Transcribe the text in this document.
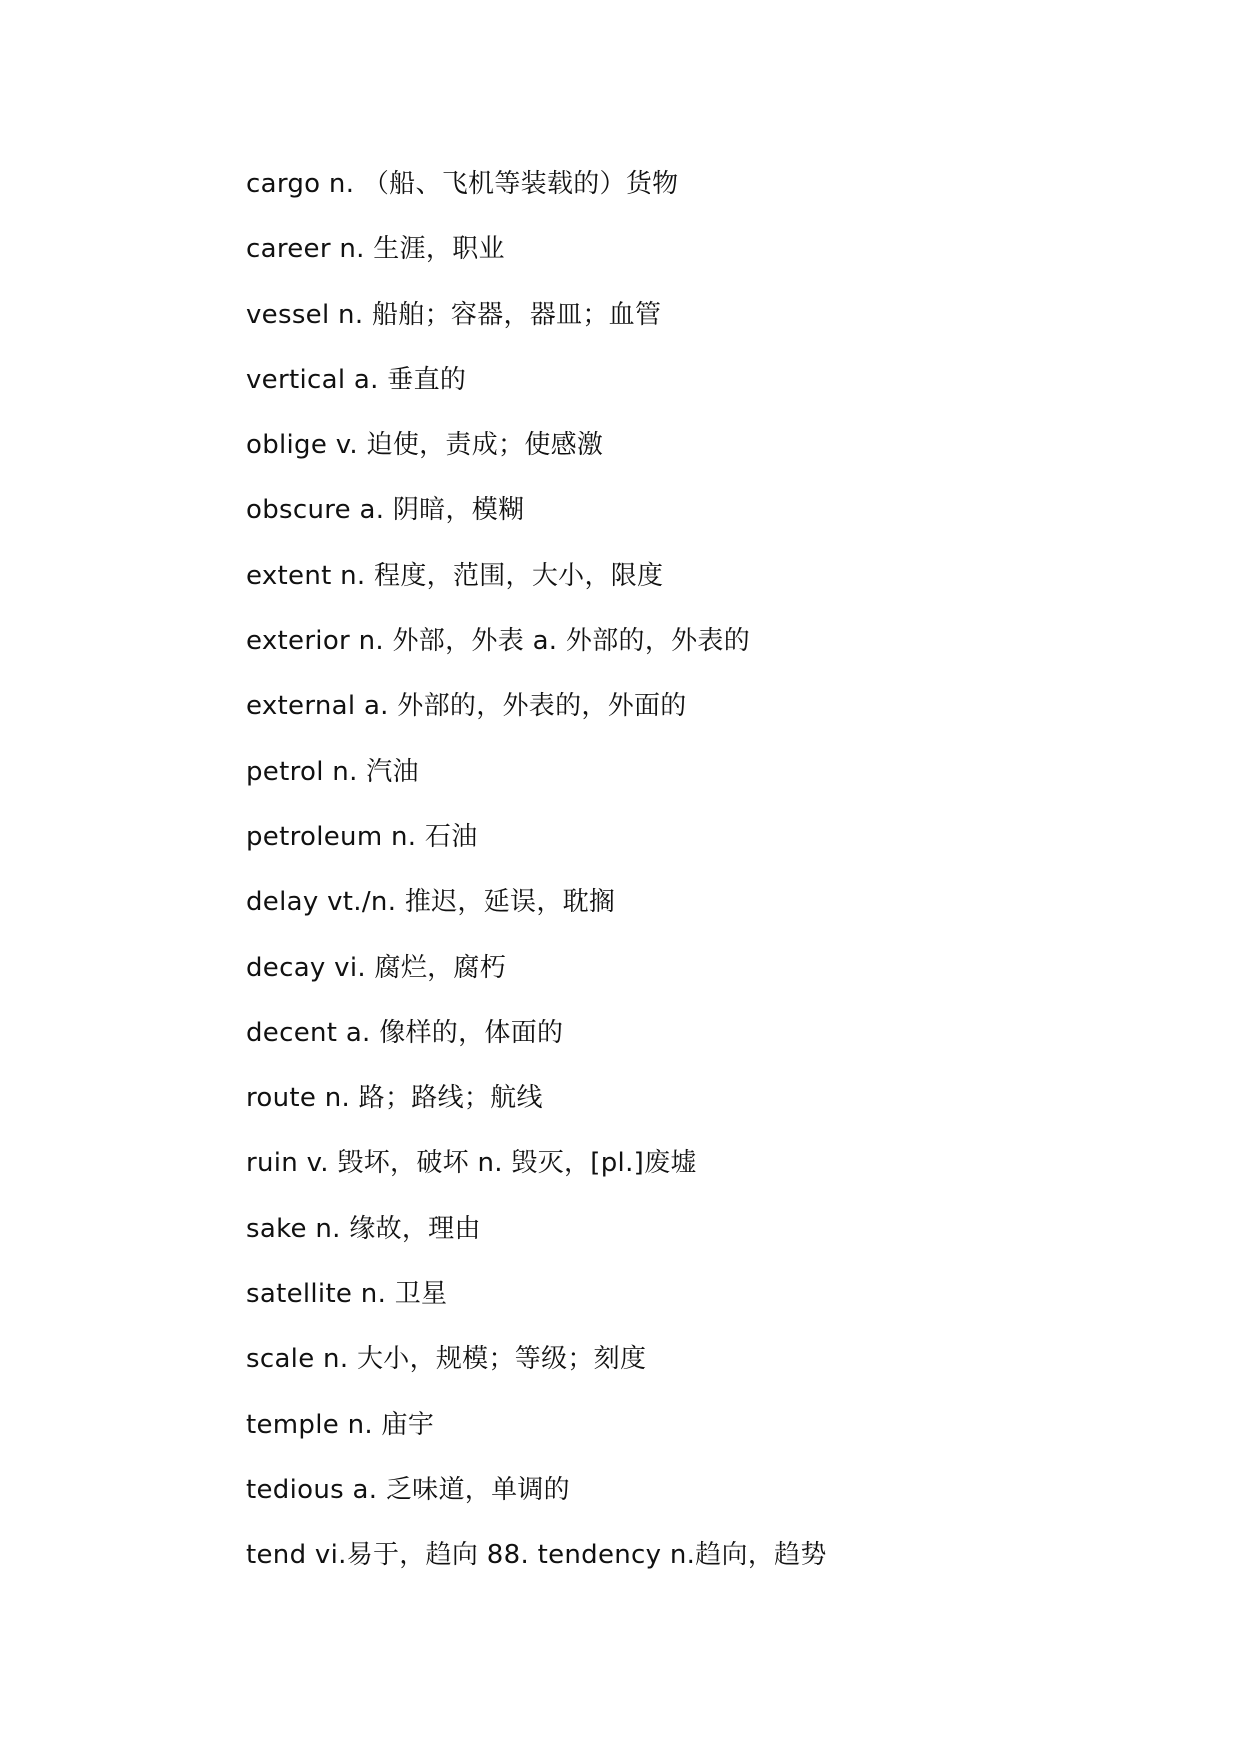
cargo n. （船、飞机等装载的）货物
career n. 生涯，职业
vessel n. 船舶；容器，器皿；血管
vertical a. 垂直的
oblige v. 迫使，责成；使感激
obscure a. 阴暗，模糊
extent n. 程度，范围，大小，限度
exterior n. 外部，外表 a. 外部的，外表的
external a. 外部的，外表的，外面的
petrol n. 汽油
petroleum n. 石油
delay vt./n. 推迟，延误，耽搁
decay vi. 腐烂，腐朽
decent a. 像样的，体面的
route n. 路；路线；航线
ruin v. 毁坏，破坏 n. 毁灭，[pl.]废墟
sake n. 缘故，理由
satellite n. 卫星
scale n. 大小，规模；等级；刻度
temple n. 庙宇
tedious a. 乏味道，单调的
tend vi.易于，趋向 88. tendency n.趋向，趋势
